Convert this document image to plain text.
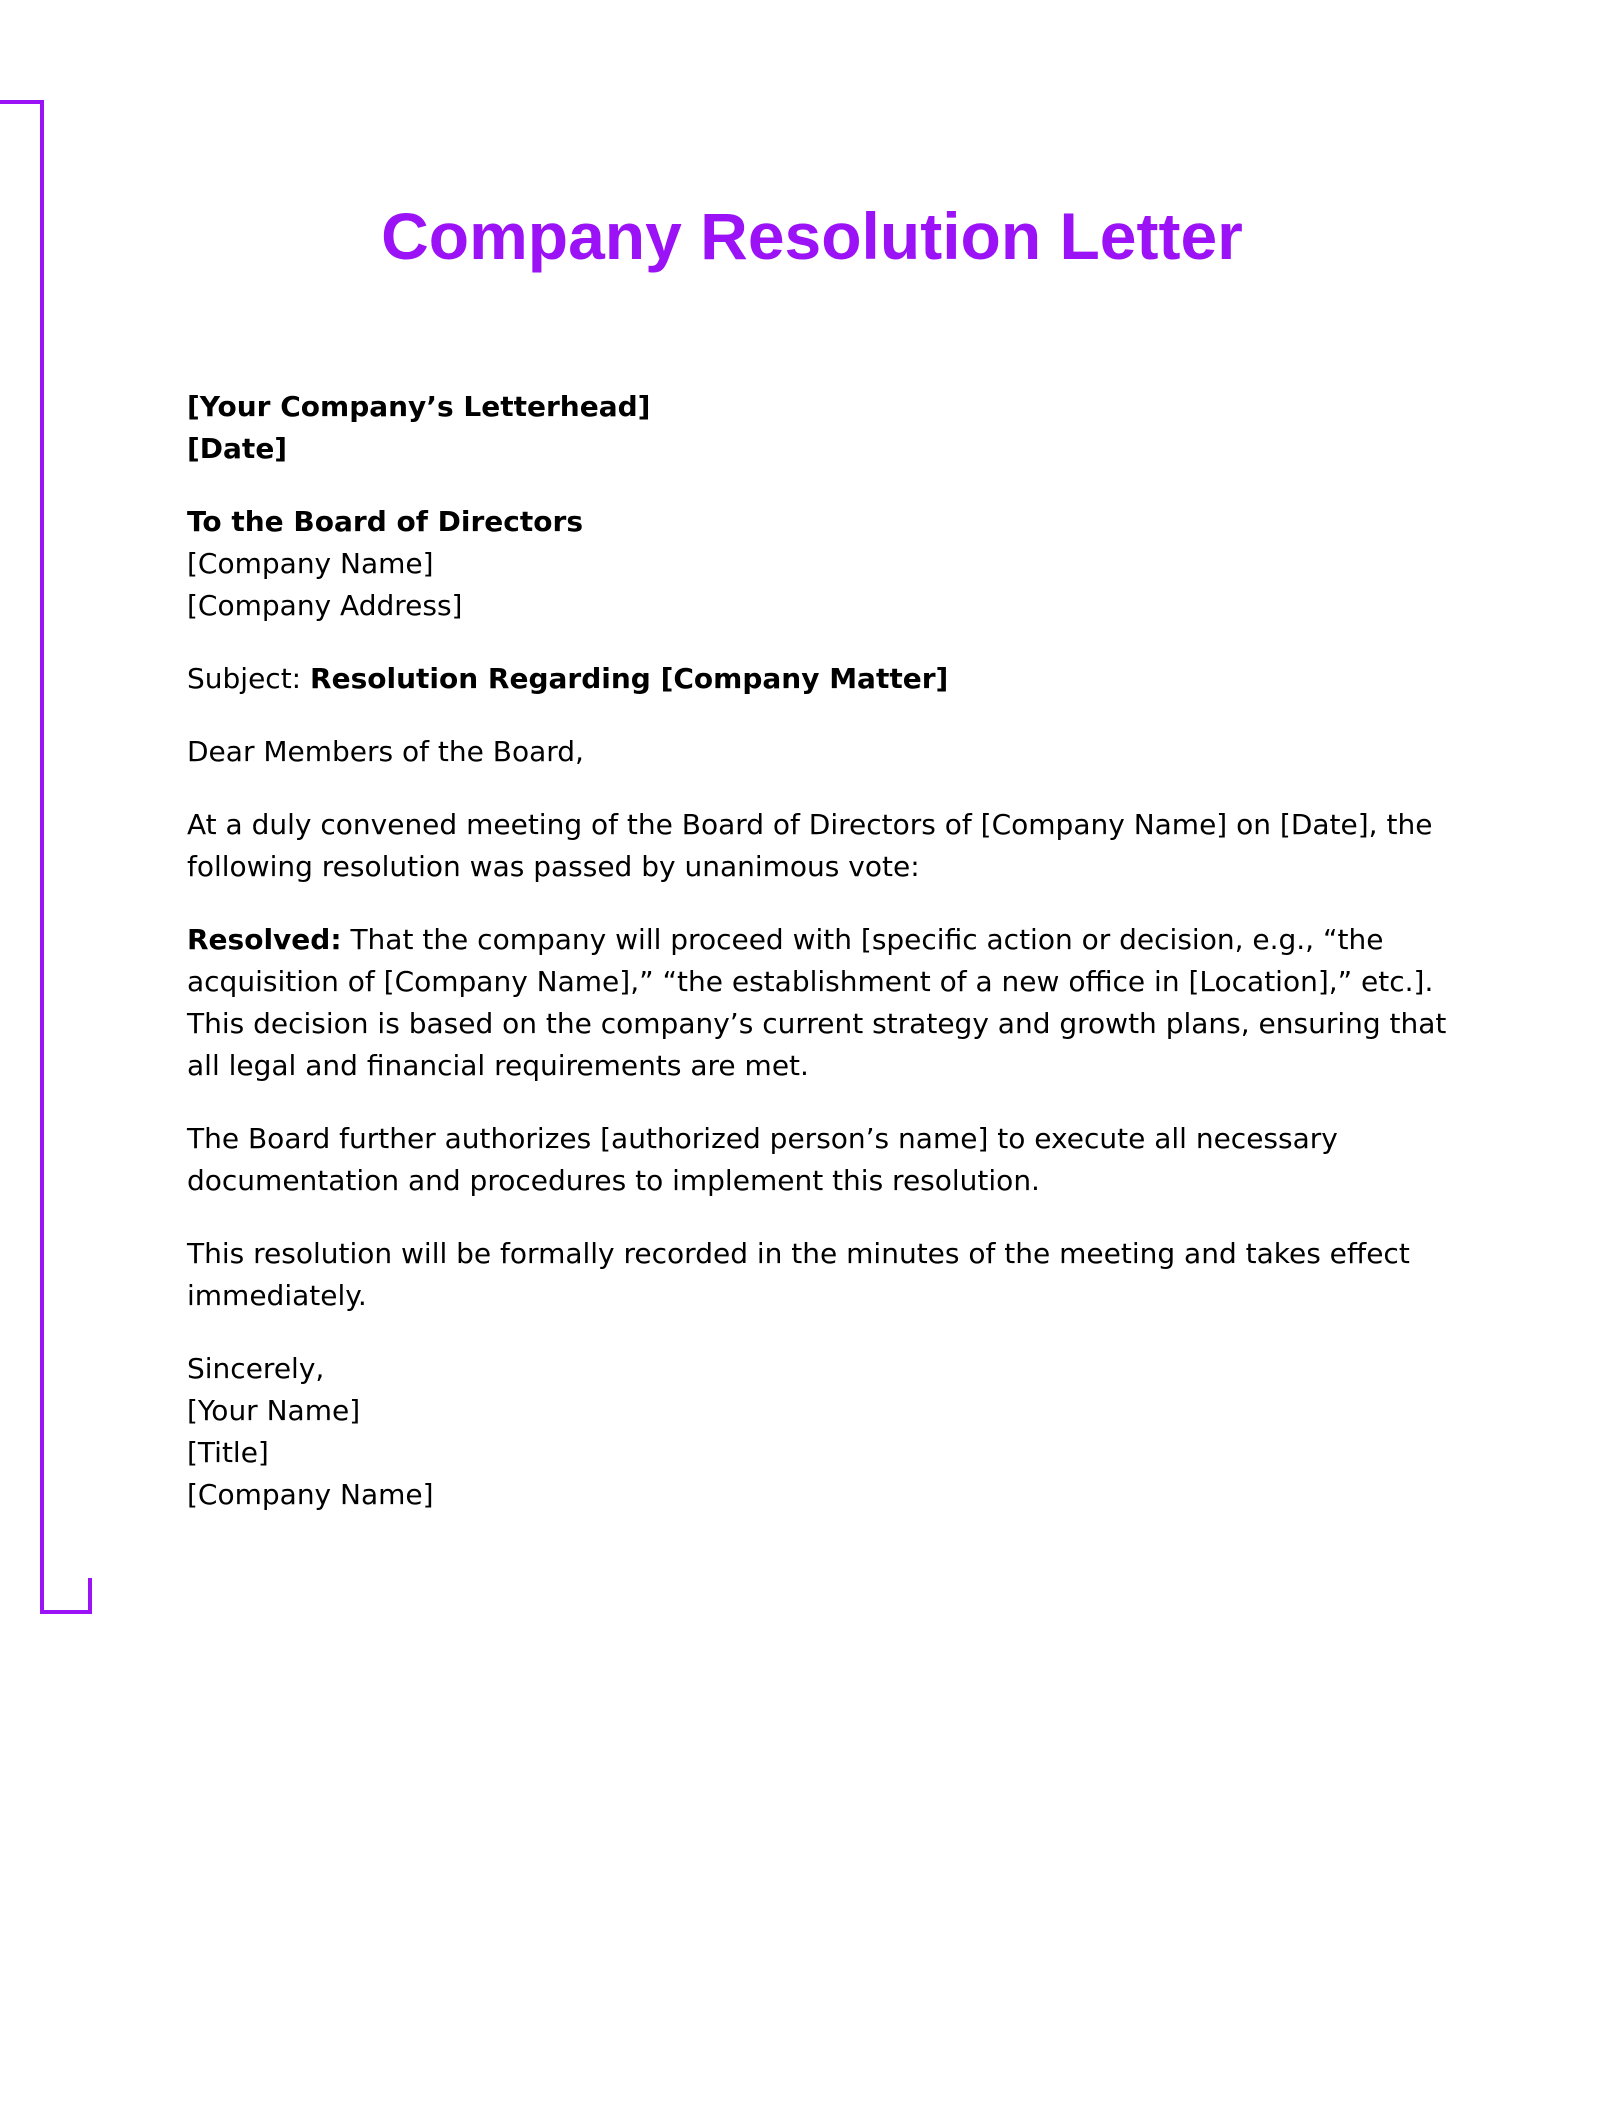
Company Resolution Letter

[Your Company’s Letterhead]
[Date]

To the Board of Directors
[Company Name]
[Company Address]

Subject: Resolution Regarding [Company Matter]

Dear Members of the Board,

At a duly convened meeting of the Board of Directors of [Company Name] on [Date], the following resolution was passed by unanimous vote:

Resolved: That the company will proceed with [specific action or decision, e.g., “the acquisition of [Company Name],” “the establishment of a new office in [Location],” etc.]. This decision is based on the company’s current strategy and growth plans, ensuring that all legal and financial requirements are met.

The Board further authorizes [authorized person’s name] to execute all necessary documentation and procedures to implement this resolution.

This resolution will be formally recorded in the minutes of the meeting and takes effect immediately.

Sincerely,
[Your Name]
[Title]
[Company Name]
